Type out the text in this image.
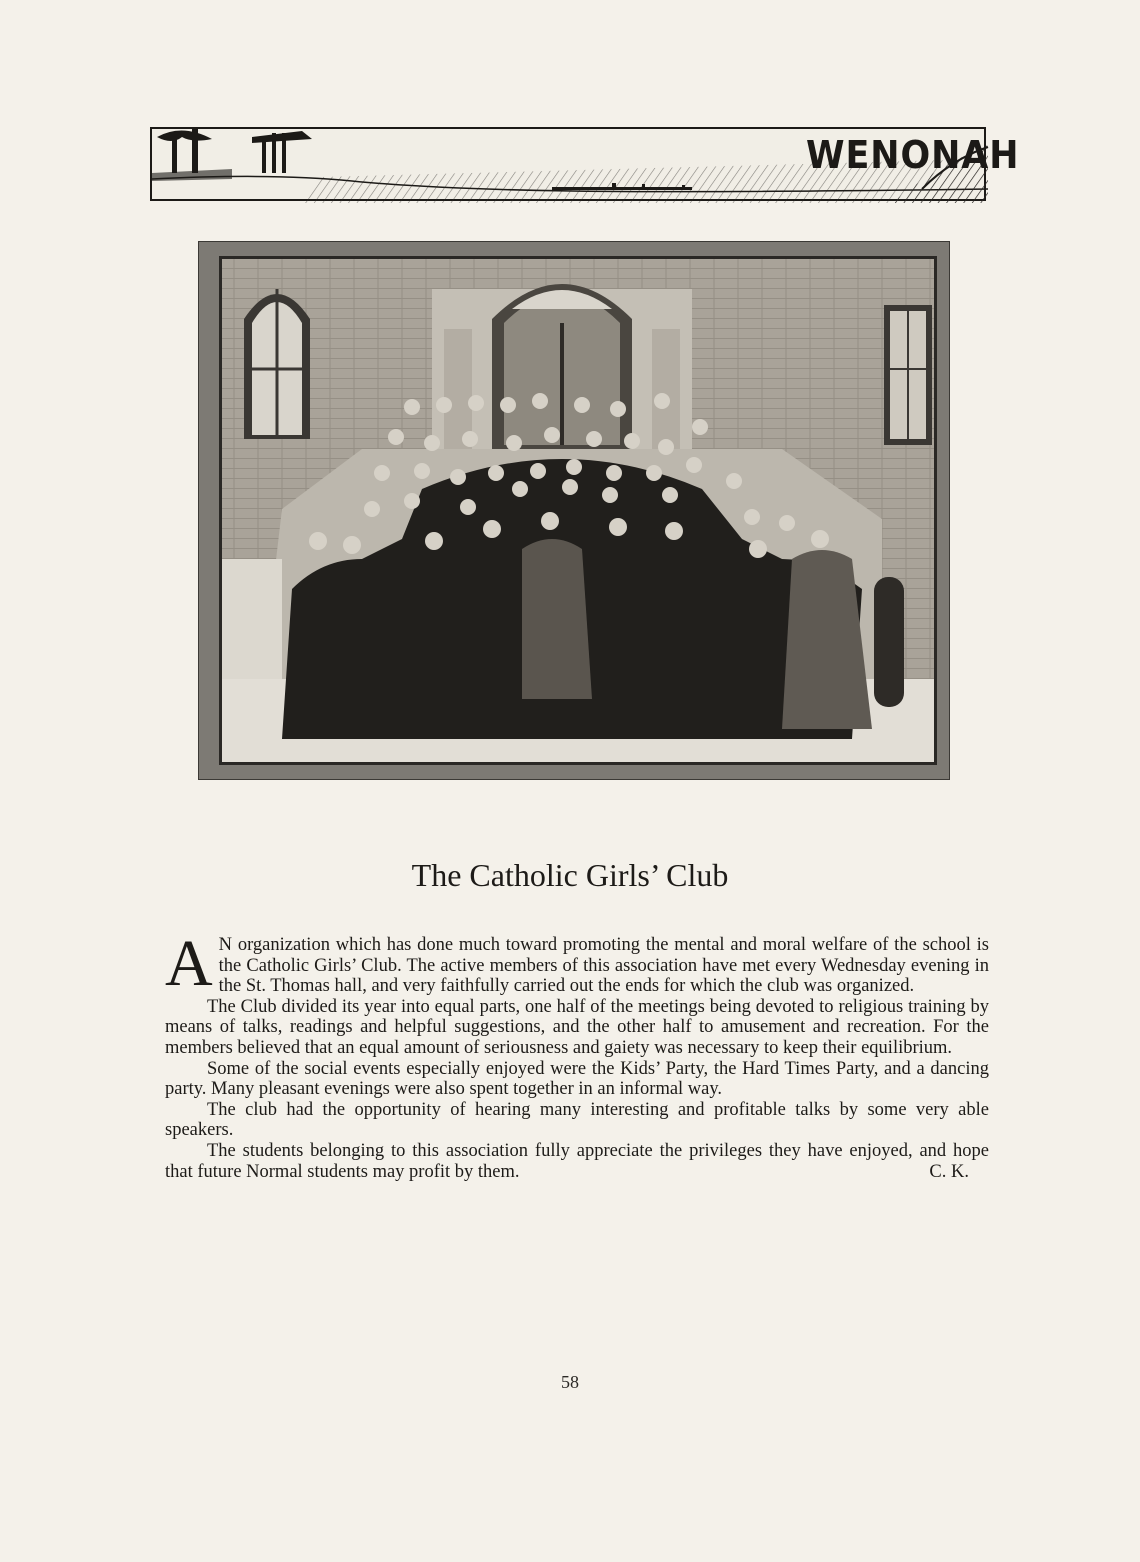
WENONAH
The Catholic Girls’ Club

A N organization which has done much toward promoting the mental and moral welfare of the school is the Catholic Girls’ Club. The active members of this association have met every Wednesday evening in the St. Thomas hall, and very faithfully carried out the ends for which the club was organized.

The Club divided its year into equal parts, one half of the meetings being devoted to religious training by means of talks, readings and helpful suggestions, and the other half to amusement and recreation. For the members believed that an equal amount of seriousness and gaiety was necessary to keep their equilibrium.

Some of the social events especially enjoyed were the Kids’ Party, the Hard Times Party, and a dancing party. Many pleasant evenings were also spent together in an informal way.

The club had the opportunity of hearing many interesting and profitable talks by some very able speakers.

The students belonging to this association fully appreciate the privileges they have enjoyed, and hope that future Normal students may profit by them.	C. K.

58
